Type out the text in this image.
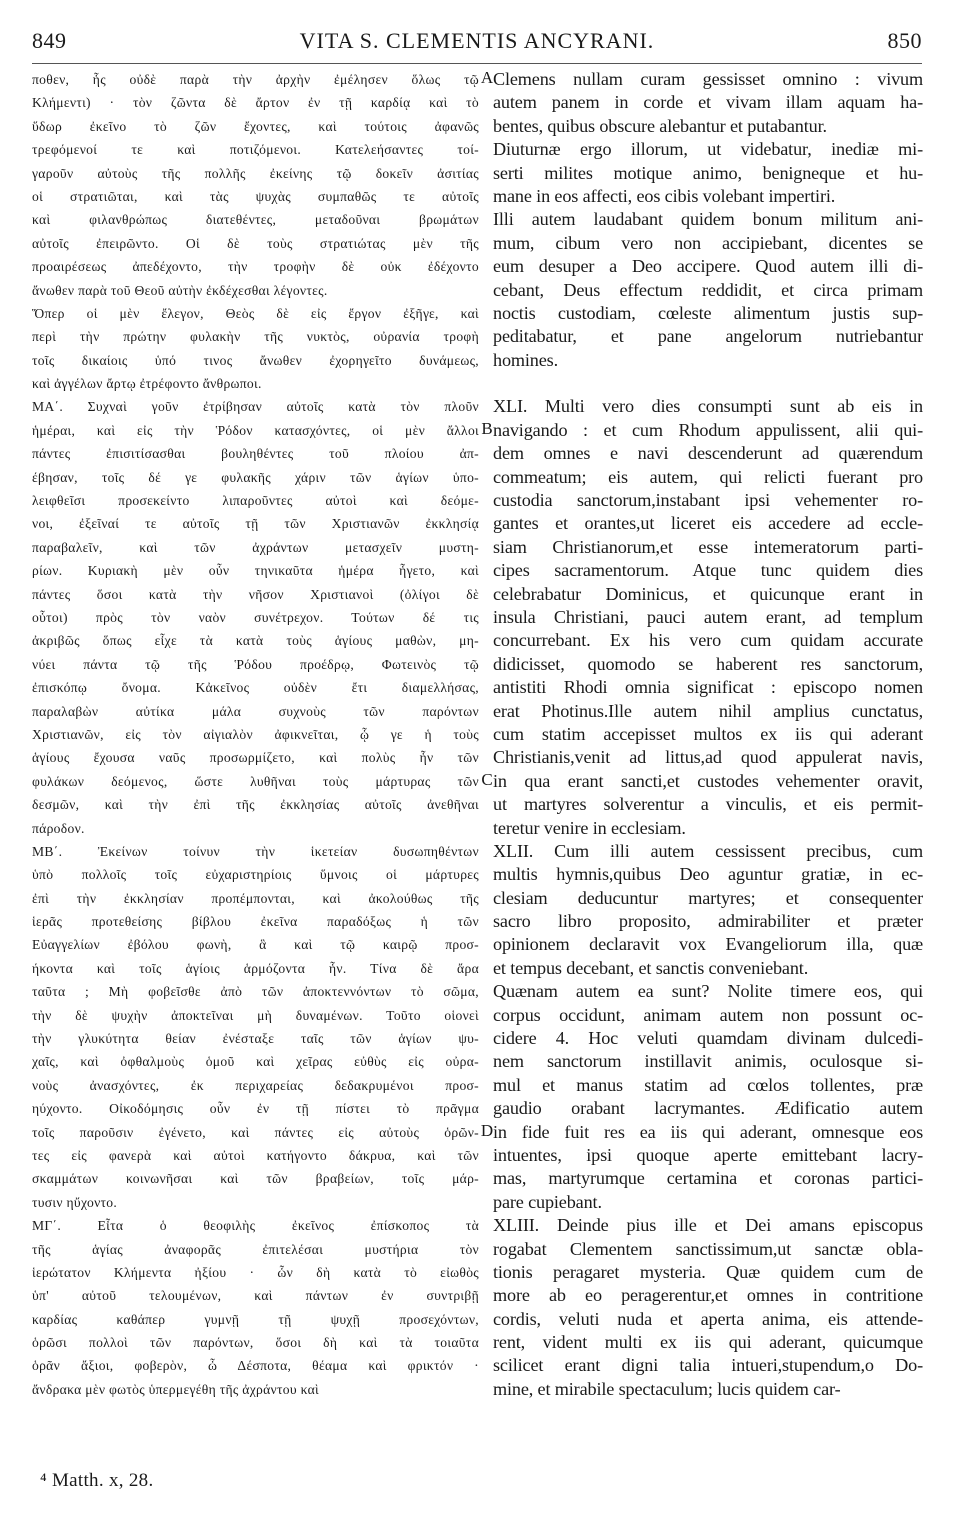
849	VITA S. CLEMENTIS ANCYRANI.	850
ποθεν, ἧς οὐδὲ παρὰ τὴν ἀρχὴν ἐμέλησεν ὅλως τῷ
Κλήμεντι) · τὸν ζῶντα δὲ ἄρτον ἐν τῇ καρδίᾳ καὶ τὸ
ὕδωρ ἐκεῖνο τὸ ζῶν ἔχοντες, καὶ τούτοις ἀφανῶς
τρεφόμενοί τε καὶ ποτιζόμενοι. Κατελεήσαντες τοί-
γαροῦν αὐτοὺς τῆς πολλῆς ἐκείνης τῷ δοκεῖν ἀσιτίας
οἱ στρατιῶται, καὶ τὰς ψυχὰς συμπαθῶς τε αὐτοῖς
καὶ φιλανθρώπως διατεθέντες, μεταδοῦναι βρωμάτων
αὐτοῖς ἐπειρῶντο. Οἱ δὲ τοὺς στρατιώτας μὲν τῆς
προαιρέσεως ἀπεδέχοντο, τὴν τροφὴν δὲ οὐκ ἐδέχοντο
ἄνωθεν παρὰ τοῦ Θεοῦ αὐτὴν ἐκδέχεσθαι λέγοντες.
Ὅπερ οἱ μὲν ἔλεγον, Θεὸς δὲ εἰς ἔργον ἐξῆγε, καὶ
περὶ τὴν πρώτην φυλακὴν τῆς νυκτὸς, οὐρανία τροφὴ
τοῖς δικαίοις ὑπό τινος ἄνωθεν ἐχορηγεῖτο δυνάμεως,
καὶ ἀγγέλων ἄρτῳ ἐτρέφοντο ἄνθρωποι.
ΜΑ΄. Συχναὶ γοῦν ἐτρίβησαν αὐτοῖς κατὰ τὸν πλοῦν
ἡμέραι, καὶ εἰς τὴν Ῥόδον κατασχόντες, οἱ μὲν ἄλλοι
πάντες ἐπισιτίσασθαι βουληθέντες τοῦ πλοίου ἀπ-
έβησαν, τοῖς δέ γε φυλακῆς χάριν τῶν ἁγίων ὑπο-
λειφθεῖσι προσεκείντο λιπαροῦντες αὐτοὶ καὶ δεόμε-
νοι, ἐξεῖναί τε αὐτοῖς τῇ τῶν Χριστιανῶν ἐκκλησίᾳ
παραβαλεῖν, καὶ τῶν ἀχράντων μετασχεῖν μυστη-
ρίων. Κυριακὴ μὲν οὖν τηνικαῦτα ἡμέρα ἦγετο, καὶ
πάντες ὅσοι κατὰ τὴν νῆσον Χριστιανοὶ (ὀλίγοι δὲ
οὗτοι) πρὸς τὸν ναὸν συνέτρεχον. Τούτων δέ τις
ἀκριβῶς ὅπως εἶχε τὰ κατὰ τοὺς ἁγίους μαθὼν, μη-
νύει πάντα τῷ τῆς Ῥόδου προέδρῳ, Φωτεινὸς τῷ
ἐπισκόπῳ ὄνομα. Κἀκεῖνος οὐδὲν ἔτι διαμελλήσας,
παραλαβὼν αὐτίκα μάλα συχνοὺς τῶν παρόντων
Χριστιανῶν, εἰς τὸν αἰγιαλὸν ἀφικνεῖται, ᾧ γε ἡ τοὺς
ἁγίους ἔχουσα ναῦς προσωρμίζετο, καὶ πολὺς ἦν τῶν
φυλάκων δεόμενος, ὥστε λυθῆναι τοὺς μάρτυρας τῶν
δεσμῶν, καὶ τὴν ἐπὶ τῆς ἐκκλησίας αὐτοῖς ἀνεθῆναι
πάροδον.
ΜΒ΄. Ἐκείνων τοίνυν τὴν ἱκετείαν δυσωπηθέντων
ὑπὸ πολλοῖς τοῖς εὐχαριστηρίοις ὕμνοις οἱ μάρτυρες
ἐπὶ τὴν ἐκκλησίαν προπέμπονται, καὶ ἀκολούθως τῆς
ἱερᾶς προτεθείσης βίβλου ἐκεῖνα παραδόξως ἡ τῶν
Εὐαγγελίων ἐβόλου φωνὴ, ἃ καὶ τῷ καιρῷ προσ-
ήκοντα καὶ τοῖς ἁγίοις ἁρμόζοντα ἦν. Τίνα δὲ ἄρα
ταῦτα ; Μὴ φοβεῖσθε ἀπὸ τῶν ἀποκτεννόντων τὸ σῶμα,
τὴν δὲ ψυχὴν ἀποκτεῖναι μὴ δυναμένων. Τοῦτο οἱονεὶ
τὴν γλυκύτητα θείαν ἐνέσταξε ταῖς τῶν ἁγίων ψυ-
χαῖς, καὶ ὀφθαλμοὺς ὁμοῦ καὶ χεῖρας εὐθὺς εἰς οὐρα-
νοὺς ἀνασχόντες, ἐκ περιχαρείας δεδακρυμένοι προσ-
ηύχοντο. Οἰκοδόμησις οὖν ἐν τῇ πίστει τὸ πρᾶγμα
τοῖς παροῦσιν ἐγένετο, καὶ πάντες εἰς αὐτοὺς ὁρῶν-
τες εἰς φανερὰ καὶ αὐτοὶ κατήγοντο δάκρυα, καὶ τῶν
σκαμμάτων κοινωνῆσαι καὶ τῶν βραβείων, τοῖς μάρ-
τυσιν ηὔχοντο.
ΜΓ΄. Εἶτα ὁ θεοφιλὴς ἐκεῖνος ἐπίσκοπος τὰ
τῆς ἁγίας ἀναφορᾶς ἐπιτελέσαι μυστήρια τὸν
ἱερώτατον Κλήμεντα ἠξίου · ὧν δὴ κατὰ τὸ εἰωθὸς
ὑπ' αὐτοῦ τελουμένων, καὶ πάντων ἐν συντριβῇ
καρδίας καθάπερ γυμνῇ τῇ ψυχῇ προσεχόντων,
ὁρῶσι πολλοὶ τῶν παρόντων, ὅσοι δὴ καὶ τὰ τοιαῦτα
ὁρᾶν ἄξιοι, φοβερὸν, ὦ Δέσποτα, θέαμα καὶ φρικτόν ·
ἄνδρακα μὲν φωτὸς ὑπερμεγέθη τῆς ἀχράντου καὶ
Clemens nullam curam gessisset omnino : vivum
autem panem in corde et vivam illam aquam ha-
bentes, quibus obscure alebantur et putabantur.
Diuturnæ ergo illorum, ut videbatur, inediæ mi-
serti milites motique animo, benigneque et hu-
mane in eos affecti, eos cibis volebant impertiri.
Illi autem laudabant quidem bonum militum ani-
mum, cibum vero non accipiebant, dicentes se
eum desuper a Deo accipere. Quod autem illi di-
cebant, Deus effectum reddidit, et circa primam
noctis custodiam, cœleste alimentum justis sup-
peditabatur, et pane angelorum nutriebantur
homines.
XLI. Multi vero dies consumpti sunt ab eis in
navigando : et cum Rhodum appulissent, alii qui-
dem omnes e navi descenderunt ad quærendum
commeatum; eis autem, qui relicti fuerant pro
custodia sanctorum,instabant ipsi vehementer ro-
gantes et orantes,ut liceret eis accedere ad eccle-
siam Christianorum,et esse intemeratorum parti-
cipes sacramentorum. Atque tunc quidem dies
celebrabatur Dominicus, et quicunque erant in
insula Christiani, pauci autem erant, ad templum
concurrebant. Ex his vero cum quidam accurate
didicisset, quomodo se haberent res sanctorum,
antistiti Rhodi omnia significat : episcopo nomen
erat Photinus.Ille autem nihil amplius cunctatus,
cum statim accepisset multos ex iis qui aderant
Christianis,venit ad littus,ad quod appulerat navis,
in qua erant sancti,et custodes vehementer oravit,
ut martyres solverentur a vinculis, et eis permit-
teretur venire in ecclesiam.
XLII. Cum illi autem cessissent precibus, cum
multis hymnis,quibus Deo aguntur gratiæ, in ec-
clesiam deducuntur martyres; et consequenter
sacro libro proposito, admirabiliter et præter
opinionem declaravit vox Evangeliorum illa, quæ
et tempus decebant, et sanctis conveniebant.
Quænam autem ea sunt? Nolite timere eos, qui
corpus occidunt, animam autem non possunt oc-
cidere 4. Hoc veluti quamdam divinam dulcedi-
nem sanctorum instillavit animis, oculosque si-
mul et manus statim ad cœlos tollentes, præ
gaudio orabant lacrymantes. Ædificatio autem
in fide fuit res ea iis qui aderant, omnesque eos
intuentes, ipsi quoque aperte emittebant lacry-
mas, martyrumque certamina et coronas partici-
pare cupiebant.
XLIII. Deinde pius ille et Dei amans episcopus
rogabat Clementem sanctissimum,ut sanctæ obla-
tionis peragaret mysteria. Quæ quidem cum de
more ab eo peragerentur,et omnes in contritione
cordis, veluti nuda et aperta anima, eis attende-
rent, vident multi ex iis qui aderant, quicumque
scilicet erant digni talia intueri,stupendum,o Do-
mine, et mirabile spectaculum; lucis quidem car-
A
B
C
D
⁴ Matth. x, 28.
